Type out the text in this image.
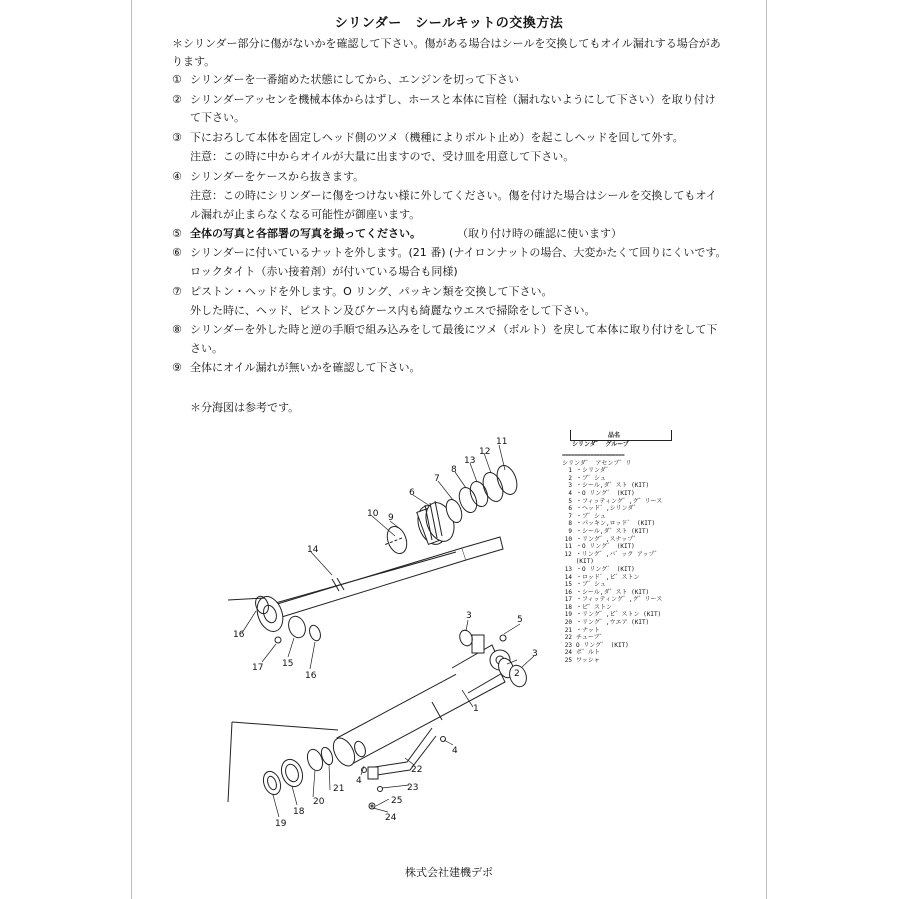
シリンダー　シールキットの交換方法
＊シリンダー部分に傷がないかを確認して下さい。傷がある場合はシールを交換してもオイル漏れする場合があ
ります。
① シリンダーを一番縮めた状態にしてから、エンジンを切って下さい
② シリンダーアッセンを機械本体からはずし、ホースと本体に盲栓（漏れないようにして下さい）を取り付け
て下さい。
③ 下におろして本体を固定しヘッド側のツメ（機種によりボルト止め）を起こしヘッドを回して外す。
注意：この時に中からオイルが大量に出ますので、受け皿を用意して下さい。
④ シリンダーをケースから抜きます。
注意：この時にシリンダーに傷をつけない様に外してください。傷を付けた場合はシールを交換してもオイ
ル漏れが止まらなくなる可能性が御座います。
⑤ 全体の写真と各部署の写真を撮ってください。	（取り付け時の確認に使います）
⑥ シリンダーに付いているナットを外します。(21 番) (ナイロンナットの場合、大変かたくて回りにくいです。
ロックタイト（赤い接着剤）が付いている場合も同様)
⑦ ピストン・ヘッドを外します。O リング、パッキン類を交換して下さい。
外した時に、ヘッド、ピストン及びケース内も綺麗なウエスで掃除をして下さい。
⑧ シリンダーを外した時と逆の手順で組み込みをして最後にツメ（ボルト）を戻して本体に取り付けをして下
さい。
⑨ 全体にオイル漏れが無いかを確認して下さい。
＊分海図は参考です。
1
2
3
3
4
4
5
6
7
8
9
10
11
12
13
14
15
16
16
17
18
19
20
21
22
23
24
25
品名
シリンダ゛ グループ
====================
シリンダ゛ アセンブ゛リ
1 ・シリンダ゛
2 ・ブ゛シュ
3 ・シール,ダ゛スト (KIT)
4 ・O リング゛ (KIT)
5 ・フィッティング゛,グ゛リース
6 ・ヘッド゛,シリンダ゛
7 ・ブ゛シュ
8 ・パッキン,ロッド゛ (KIT)
9 ・シール,ダ゛スト (KIT)
10 ・リング゛,スナップ゛
11 ・O リング゛ (KIT)
12 ・リング゛,バ゛ック アップ゛ (KIT)
13 ・O リング゛ (KIT)
14 ・ロッド゛,ピ゛ストン
15 ・ブ゛シュ
16 ・シール,ダ゛スト (KIT)
17 ・フィッティング゛,グ゛リース
18 ・ピ゛ストン
19 ・リング゛,ピ゛ストン (KIT)
20 ・リング゛,ウエア (KIT)
21 ・ナット
22 チューブ゛
23 O リング゛ (KIT)
24 ボ゛ルト
25 ワッシャ
株式会社建機デポ
